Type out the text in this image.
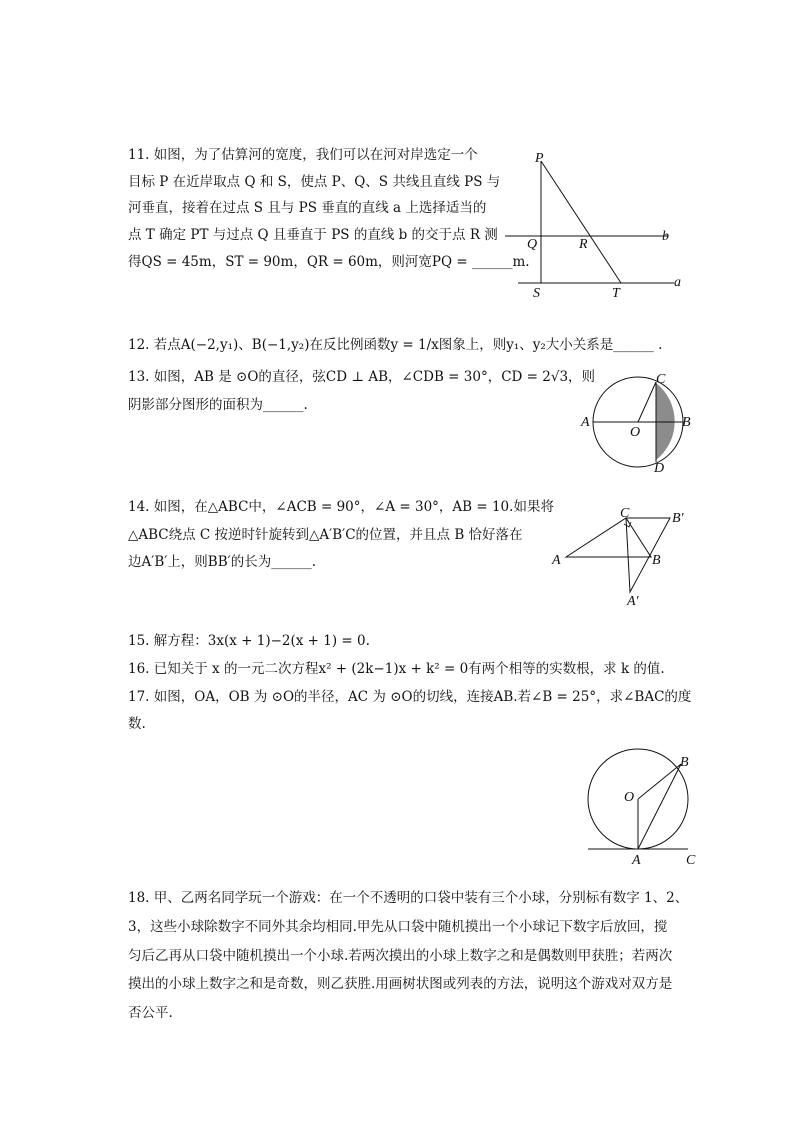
11. 如图，为了估算河的宽度，我们可以在河对岸选定一个
目标 P 在近岸取点 Q 和 S，使点 P、Q、S 共线且直线 PS 与
河垂直，接着在过点 S 且与 PS 垂直的直线 a 上选择适当的
点 T 确定 PT 与过点 Q 且垂直于 PS 的直线 b 的交于点 R 测
得QS = 45m，ST = 90m，QR = 60m，则河宽PQ = ______m.
P
Q	R
S	T
a
b
12. 若点A(−2,y₁)、B(−1,y₂)在反比例函数y = 1/x图象上，则y₁、y₂大小关系是______ .
13. 如图，AB 是 ⊙O的直径，弦CD ⊥ AB，∠CDB = 30°，CD = 2√3，则
阴影部分图形的面积为______.
A	B
C
D
O
14. 如图，在△ABC中，∠ACB = 90°，∠A = 30°，AB = 10.如果将
△ABC绕点 C 按逆时针旋转到△A′B′C的位置，并且点 B 恰好落在
边A′B′上，则BB′的长为______.	A	B
C
A′
B′
15. 解方程：3x(x + 1)−2(x + 1) = 0.
16. 已知关于 x 的一元二次方程x² + (2k−1)x + k² = 0有两个相等的实数根，求 k 的值.
17. 如图，OA，OB 为 ⊙O的半径，AC 为 ⊙O的切线，连接AB.若∠B = 25°，求∠BAC的度
数.
O
A
B
C
18. 甲、乙两名同学玩一个游戏：在一个不透明的口袋中装有三个小球，分别标有数字 1、2、
3，这些小球除数字不同外其余均相同.甲先从口袋中随机摸出一个小球记下数字后放回，搅
匀后乙再从口袋中随机摸出一个小球.若两次摸出的小球上数字之和是偶数则甲获胜；若两次
摸出的小球上数字之和是奇数，则乙获胜.用画树状图或列表的方法，说明这个游戏对双方是
否公平.
